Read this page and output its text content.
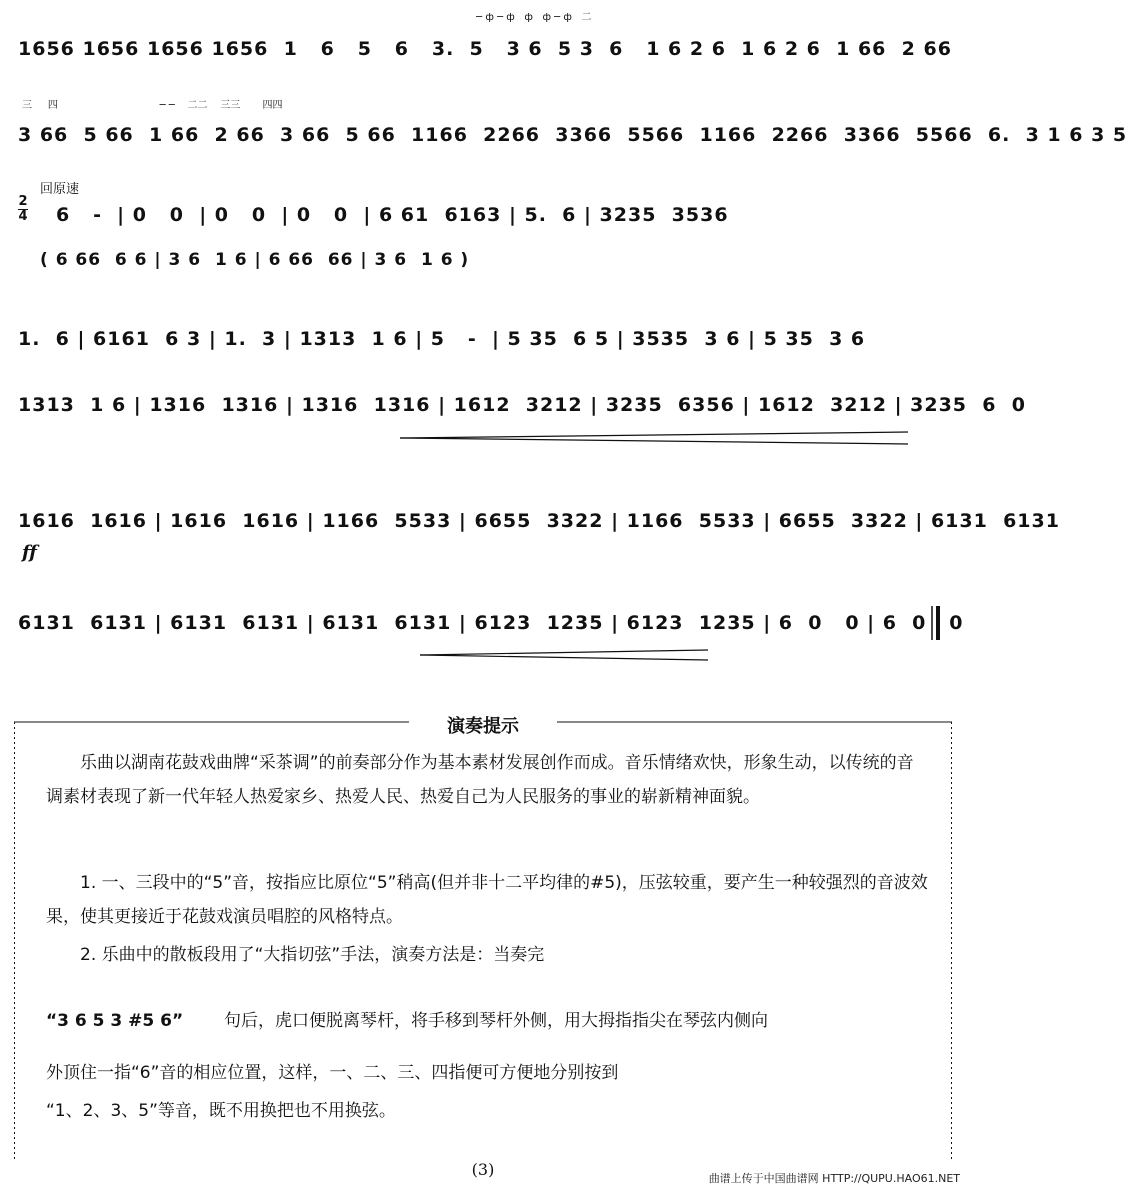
─ ф ─ ф   ф   ф ─ ф   二
1656 1656 1656 1656  1   6   5   6   3.  5   3 6  5 3  6   1 6 2 6  1 6 2 6  1 66  2 66
三     四                                ─ ─    二二    三三       四四
3 66  5 66  1 66  2 66  3 66  5 66  1166  2266  3366  5566  1166  2266  3366  5566  6.  3 1 6 3 5
回原速
2
4 6   -  | 0   0  | 0   0  | 0   0  | 6 61  6163 | 5.  6 | 3235  3536
( 6 66  6 6 | 3 6  1 6 | 6 66  66 | 3 6  1 6 )
1.  6 | 6161  6 3 | 1.  3 | 1313  1 6 | 5   -  | 5 35  6 5 | 3535  3 6 | 5 35  3 6
1313  1 6 | 1316  1316 | 1316  1316 | 1612  3212 | 3235  6356 | 1612  3212 | 3235  6  0
1616  1616 | 1616  1616 | 1166  5533 | 6655  3322 | 1166  5533 | 6655  3322 | 6131  6131
ff
6131  6131 | 6131  6131 | 6131  6131 | 6123  1235 | 6123  1235 | 6  0   0 | 6  0   0
演奏提示
乐曲以湖南花鼓戏曲牌“采茶调”的前奏部分作为基本素材发展创作而成。音乐情绪欢快，形象生动，以传统的音调素材表现了新一代年轻人热爱家乡、热爱人民、热爱自己为人民服务的事业的崭新精神面貌。
1. 一、三段中的“5”音，按指应比原位“5”稍高(但并非十二平均律的#5)，压弦较重，要产生一种较强烈的音波效果，使其更接近于花鼓戏演员唱腔的风格特点。
2. 乐曲中的散板段用了“大指切弦”手法，演奏方法是：当奏完
“3 6 5 3 #5 6” 句后，虎口便脱离琴杆，将手移到琴杆外侧，用大拇指指尖在琴弦内侧向
外顶住一指“6”音的相应位置，这样，一、二、三、四指便可方便地分别按到
“1、2、3、5”等音，既不用换把也不用换弦。
(3)	曲谱上传于中国曲谱网 HTTP://QUPU.HAO61.NET
